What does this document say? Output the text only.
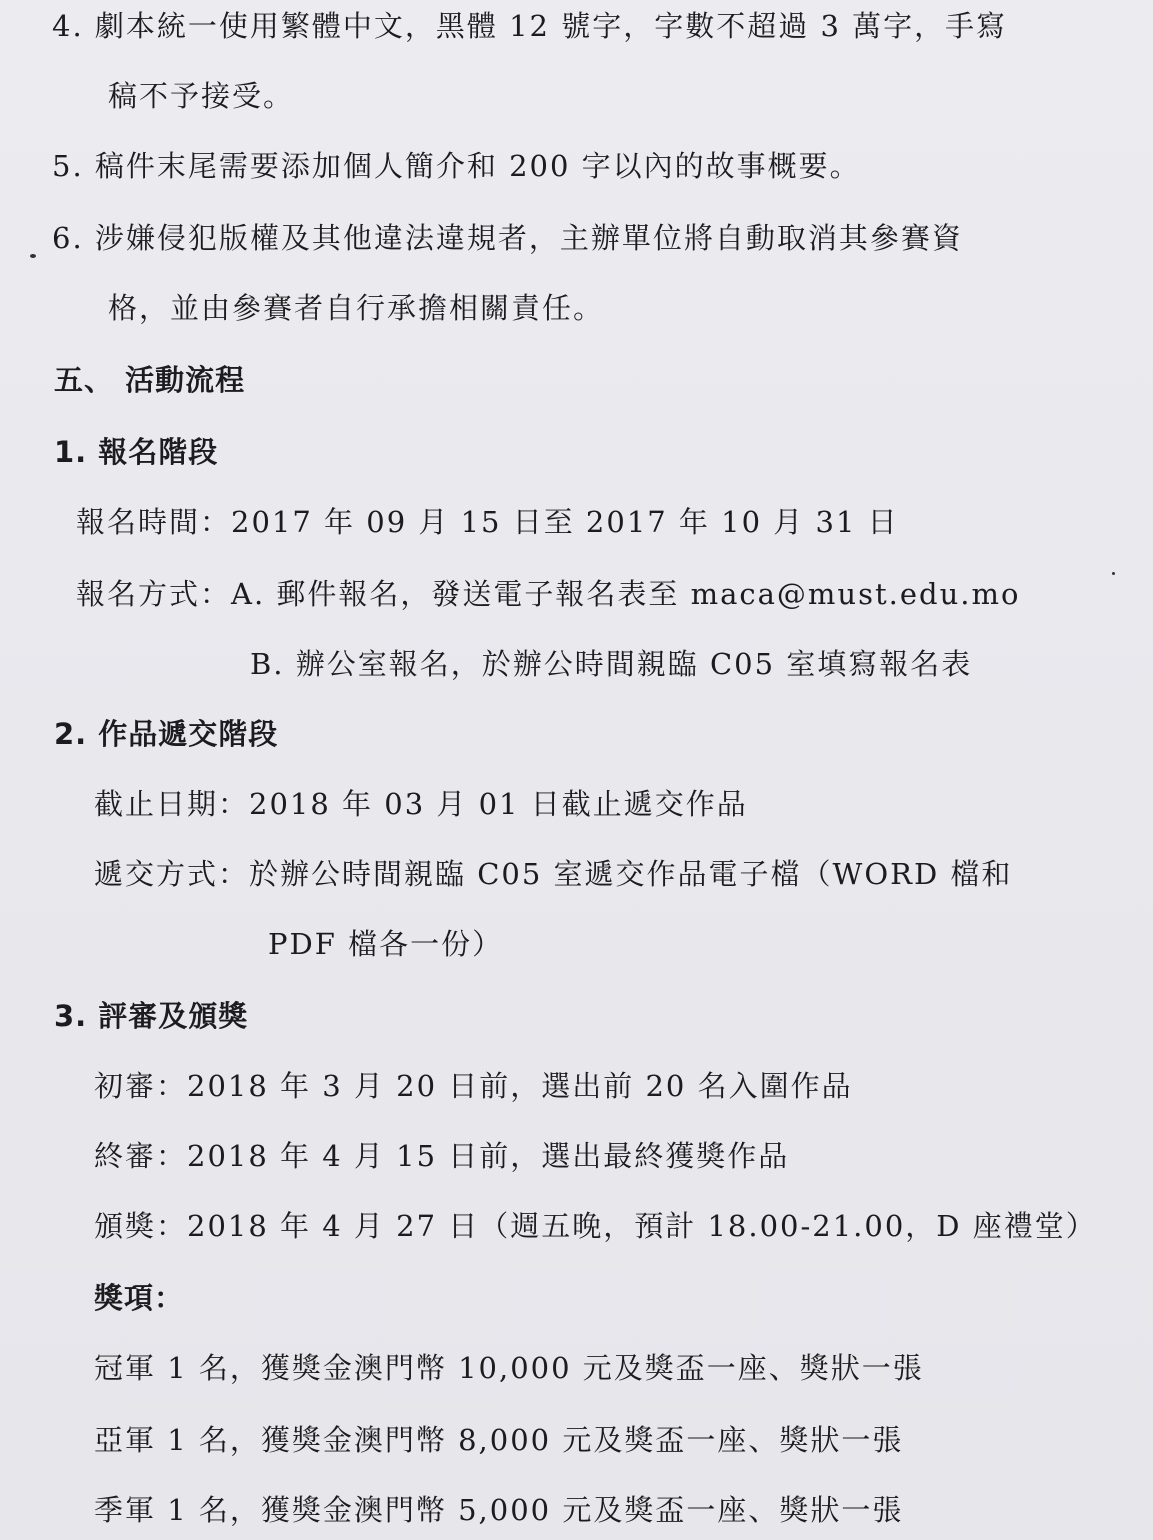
4. 劇本統一使用繁體中文，黑體 12 號字，字數不超過 3 萬字，手寫
稿不予接受。
5. 稿件末尾需要添加個人簡介和 200 字以內的故事概要。
6. 涉嫌侵犯版權及其他違法違規者，主辦單位將自動取消其參賽資
格，並由參賽者自行承擔相關責任。
五、 活動流程
1. 報名階段
報名時間：2017 年 09 月 15 日至 2017 年 10 月 31 日
報名方式：A. 郵件報名，發送電子報名表至 maca@must.edu.mo
B. 辦公室報名，於辦公時間親臨 C05 室填寫報名表
2. 作品遞交階段
截止日期：2018 年 03 月 01 日截止遞交作品
遞交方式：於辦公時間親臨 C05 室遞交作品電子檔（WORD 檔和
PDF 檔各一份）
3. 評審及頒獎
初審：2018 年 3 月 20 日前，選出前 20 名入圍作品
終審：2018 年 4 月 15 日前，選出最終獲獎作品
頒獎：2018 年 4 月 27 日（週五晚，預計 18.00-21.00，D 座禮堂）
獎項：
冠軍 1 名，獲獎金澳門幣 10,000 元及獎盃一座、獎狀一張
亞軍 1 名，獲獎金澳門幣 8,000 元及獎盃一座、獎狀一張
季軍 1 名，獲獎金澳門幣 5,000 元及獎盃一座、獎狀一張
